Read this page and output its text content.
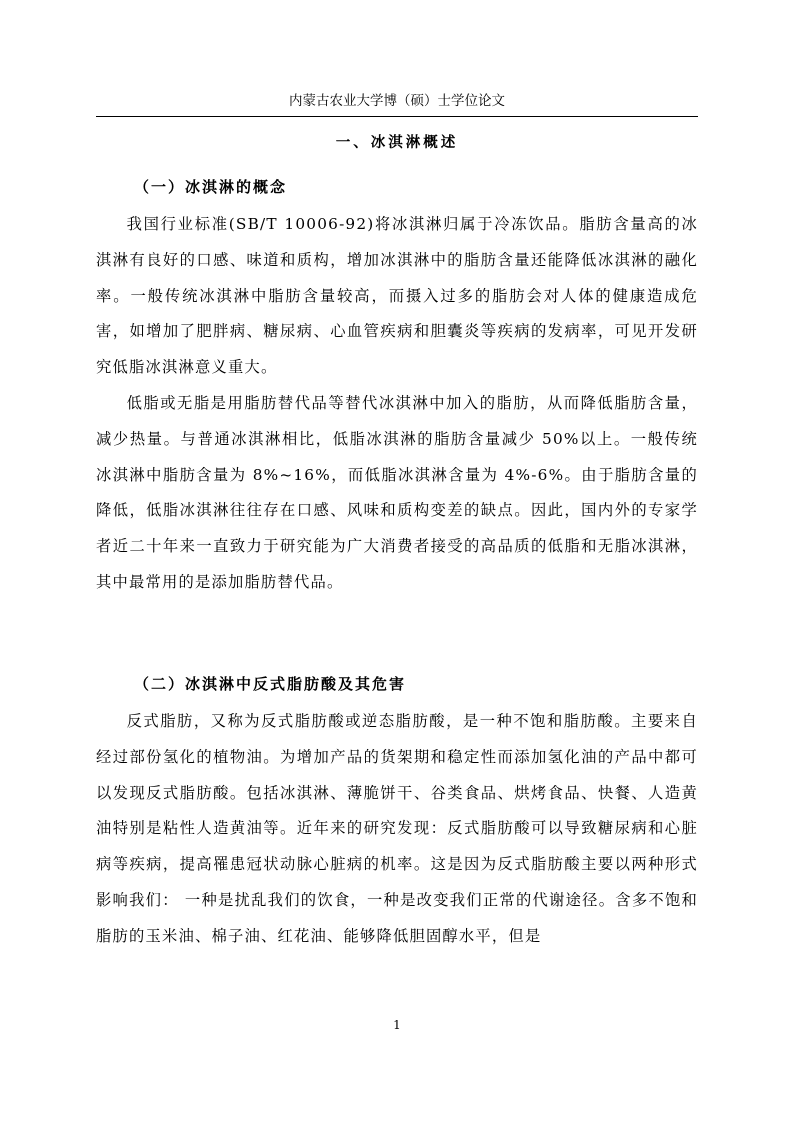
内蒙古农业大学博（硕）士学位论文
一、冰淇淋概述
（一）冰淇淋的概念

我国行业标准(SB/T 10006-92)将冰淇淋归属于冷冻饮品。脂肪含量高的冰淇淋有良好的口感、味道和质构，增加冰淇淋中的脂肪含量还能降低冰淇淋的融化率。一般传统冰淇淋中脂肪含量较高，而摄入过多的脂肪会对人体的健康造成危害，如增加了肥胖病、糖尿病、心血管疾病和胆囊炎等疾病的发病率，可见开发研究低脂冰淇淋意义重大。

低脂或无脂是用脂肪替代品等替代冰淇淋中加入的脂肪，从而降低脂肪含量，减少热量。与普通冰淇淋相比，低脂冰淇淋的脂肪含量减少 50%以上。一般传统冰淇淋中脂肪含量为 8%~16%，而低脂冰淇淋含量为 4%-6%。由于脂肪含量的降低，低脂冰淇淋往往存在口感、风味和质构变差的缺点。因此，国内外的专家学者近二十年来一直致力于研究能为广大消费者接受的高品质的低脂和无脂冰淇淋，其中最常用的是添加脂肪替代品。

（二）冰淇淋中反式脂肪酸及其危害

反式脂肪，又称为反式脂肪酸或逆态脂肪酸，是一种不饱和脂肪酸。主要来自经过部份氢化的植物油。为增加产品的货架期和稳定性而添加氢化油的产品中都可以发现反式脂肪酸。包括冰淇淋、薄脆饼干、谷类食品、烘烤食品、快餐、人造黄油特别是粘性人造黄油等。近年来的研究发现：反式脂肪酸可以导致糖尿病和心脏病等疾病，提高罹患冠状动脉心脏病的机率。这是因为反式脂肪酸主要以两种形式影响我们： 一种是扰乱我们的饮食，一种是改变我们正常的代谢途径。含多不饱和脂肪的玉米油、棉子油、红花油、能够降低胆固醇水平，但是

1
